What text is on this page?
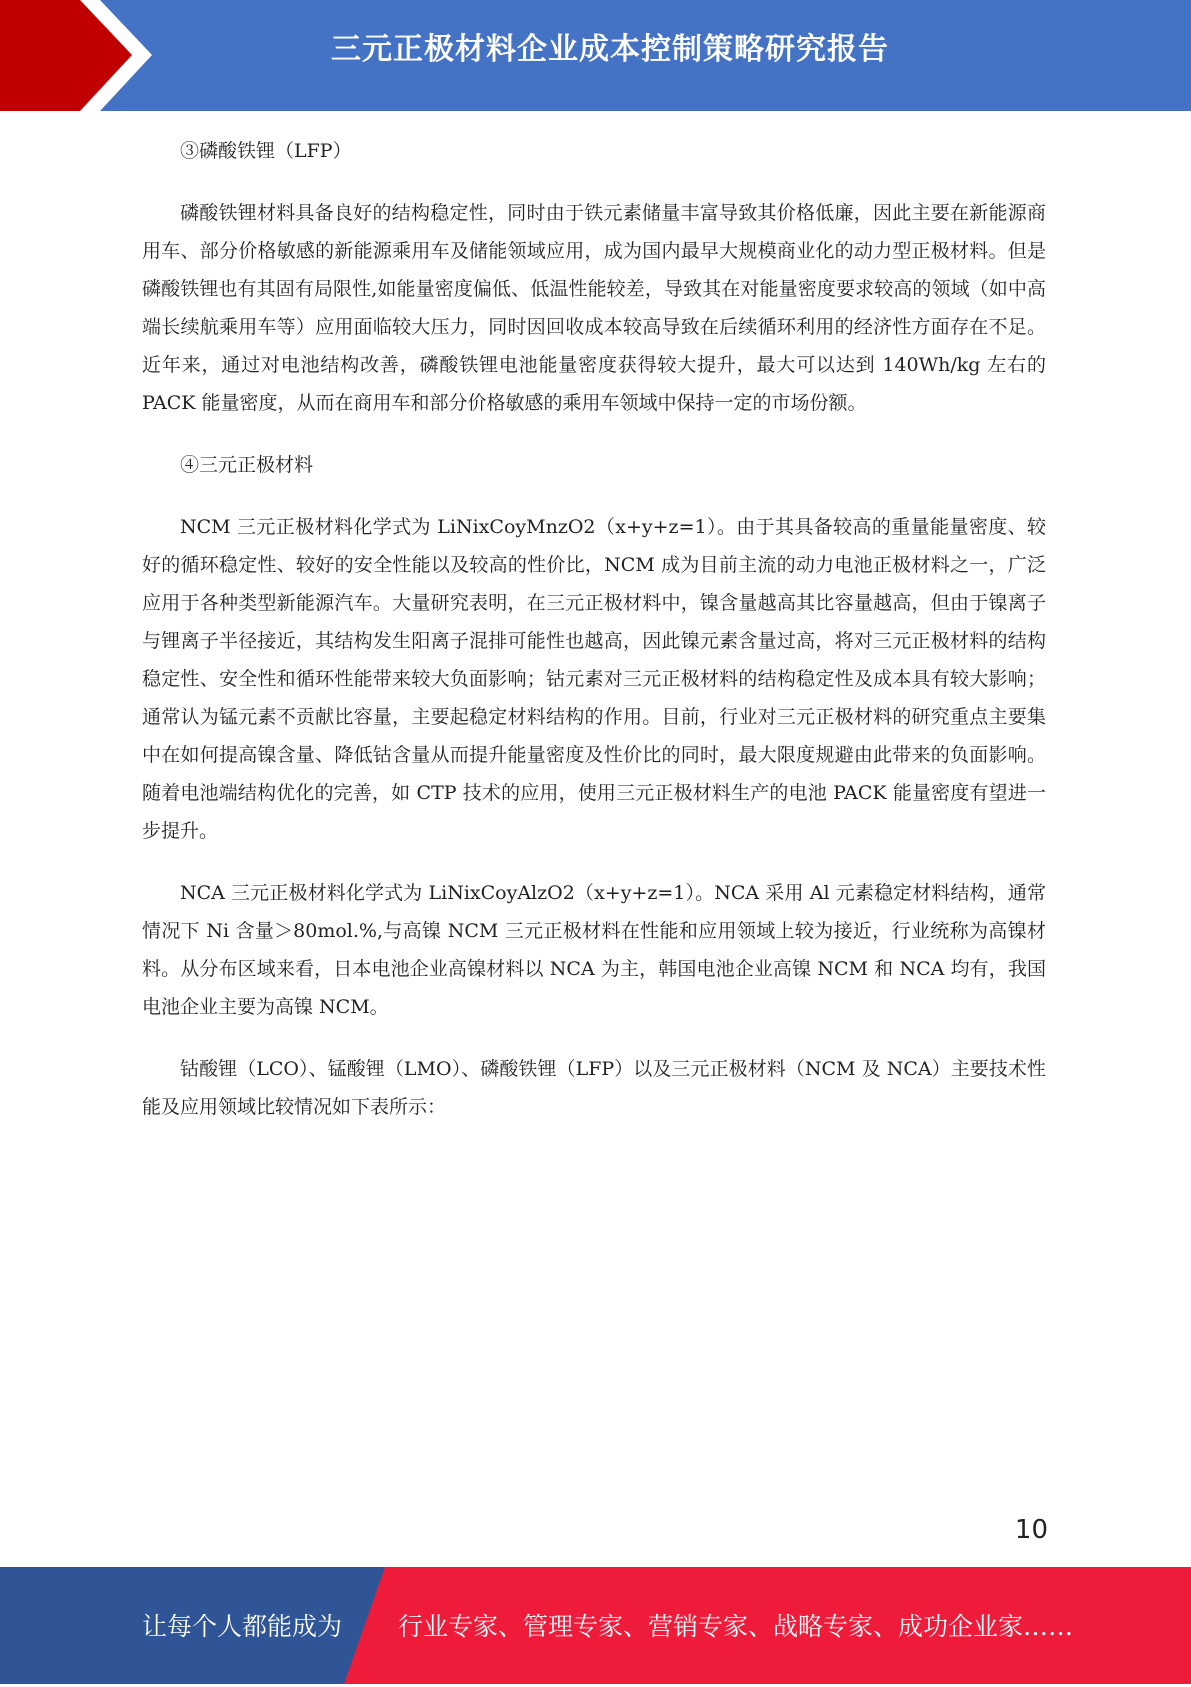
三元正极材料企业成本控制策略研究报告

③磷酸铁锂（LFP）

磷酸铁锂材料具备良好的结构稳定性，同时由于铁元素储量丰富导致其价格低廉，因此主要在新能源商用车、部分价格敏感的新能源乘用车及储能领域应用，成为国内最早大规模商业化的动力型正极材料。但是磷酸铁锂也有其固有局限性,如能量密度偏低、低温性能较差，导致其在对能量密度要求较高的领域（如中高端长续航乘用车等）应用面临较大压力，同时因回收成本较高导致在后续循环利用的经济性方面存在不足。近年来，通过对电池结构改善，磷酸铁锂电池能量密度获得较大提升，最大可以达到 140Wh/kg 左右的 PACK 能量密度，从而在商用车和部分价格敏感的乘用车领域中保持一定的市场份额。

④三元正极材料

NCM 三元正极材料化学式为 LiNixCoyMnzO2（x+y+z=1）。由于其具备较高的重量能量密度、较好的循环稳定性、较好的安全性能以及较高的性价比，NCM 成为目前主流的动力电池正极材料之一，广泛应用于各种类型新能源汽车。大量研究表明，在三元正极材料中，镍含量越高其比容量越高，但由于镍离子与锂离子半径接近，其结构发生阳离子混排可能性也越高，因此镍元素含量过高，将对三元正极材料的结构稳定性、安全性和循环性能带来较大负面影响；钴元素对三元正极材料的结构稳定性及成本具有较大影响；通常认为锰元素不贡献比容量，主要起稳定材料结构的作用。目前，行业对三元正极材料的研究重点主要集中在如何提高镍含量、降低钴含量从而提升能量密度及性价比的同时，最大限度规避由此带来的负面影响。随着电池端结构优化的完善，如 CTP 技术的应用，使用三元正极材料生产的电池 PACK 能量密度有望进一步提升。

NCA 三元正极材料化学式为 LiNixCoyAlzO2（x+y+z=1）。NCA 采用 Al 元素稳定材料结构，通常情况下 Ni 含量＞80mol.%,与高镍 NCM 三元正极材料在性能和应用领域上较为接近，行业统称为高镍材料。从分布区域来看，日本电池企业高镍材料以 NCA 为主，韩国电池企业高镍 NCM 和 NCA 均有，我国电池企业主要为高镍 NCM。

钴酸锂（LCO）、锰酸锂（LMO）、磷酸铁锂（LFP）以及三元正极材料（NCM 及 NCA）主要技术性能及应用领域比较情况如下表所示：

10
让每个人都能成为 行业专家、管理专家、营销专家、战略专家、成功企业家……
